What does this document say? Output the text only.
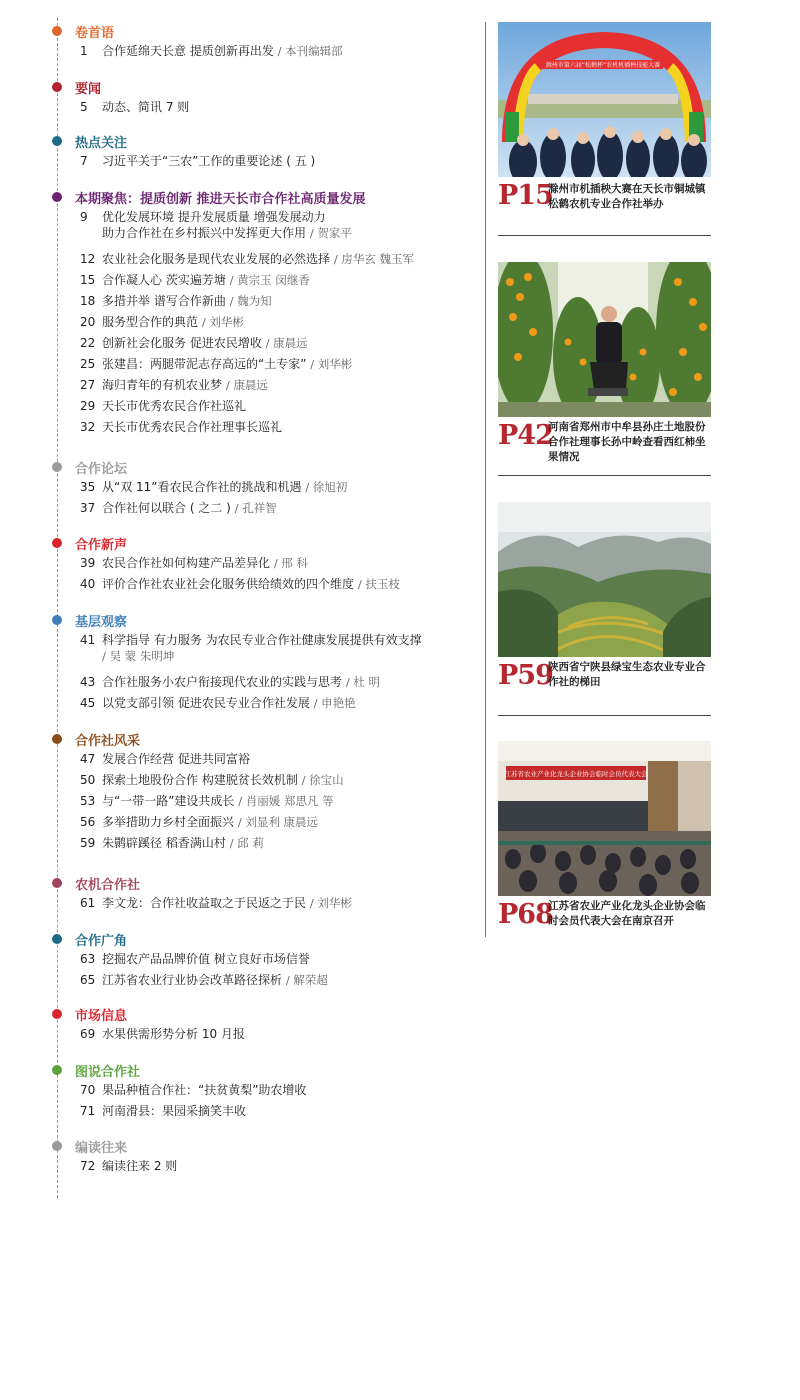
卷首语
1 合作延绵天长意 提质创新再出发 / 本刊编辑部
要闻
5 动态、简讯 7 则
热点关注
7 习近平关于“三农”工作的重要论述 ( 五 )
本期聚焦：提质创新 推进天长市合作社高质量发展
9 优化发展环境 提升发展质量 增强发展动力
助力合作社在乡村振兴中发挥更大作用 / 贺家平
12 农业社会化服务是现代农业发展的必然选择 / 房华玄 魏玉军
15 合作凝人心 茨实遍芳塘 / 黄宗玉 闵继香
18 多措并举 谱写合作新曲 / 魏为知
20 服务型合作的典范 / 刘华彬
22 创新社会化服务 促进农民增收 / 康晨远
25 张建昌：两腿带泥志存高远的“土专家” / 刘华彬
27 海归青年的有机农业梦 / 康晨远
29 天长市优秀农民合作社巡礼
32 天长市优秀农民合作社理事长巡礼
合作论坛
35 从“双 11”看农民合作社的挑战和机遇 / 徐旭初
37 合作社何以联合 ( 之二 ) / 孔祥智
合作新声
39 农民合作社如何构建产品差异化 / 邢 科
40 评价合作社农业社会化服务供给绩效的四个维度 / 扶玉枝
基层观察
41 科学指导 有力服务 为农民专业合作社健康发展提供有效支撑
/ 吴 蒙 朱明坤
43 合作社服务小农户衔接现代农业的实践与思考 / 杜 明
45 以党支部引领 促进农民专业合作社发展 / 申艳艳
合作社风采
47 发展合作经营 促进共同富裕
50 探索土地股份合作 构建脱贫长效机制 / 徐宝山
53 与“一带一路”建设共成长 / 肖丽媛 郑思凡 等
56 多举措助力乡村全面振兴 / 刘显利 康晨远
59 朱鹮辟蹊径 稻香满山村 / 邱 莉
农机合作社
61 李文龙：合作社收益取之于民返之于民 / 刘华彬
合作广角
63 挖掘农产品品牌价值 树立良好市场信誉
65 江苏省农业行业协会改革路径探析 / 解荣超
市场信息
69 水果供需形势分析 10 月报
图说合作社
70 果品种植合作社：“扶贫黄梨”助农增收
71 河南滑县：果园采摘笑丰收
编读往来
72 编读往来 2 则
滁州市第六届“松鹤杯”农机机插秧技能大赛
P15
滁州市机插秧大赛在天长市铜城镇松鹤农机专业合作社举办
P42
河南省郑州市中牟县孙庄土地股份合作社理事长孙中岭查看西红柿坐果情况
P59
陕西省宁陕县绿宝生态农业专业合作社的梯田
江苏省农业产业化龙头企业协会临时会员代表大会
P68
江苏省农业产业化龙头企业协会临时会员代表大会在南京召开
